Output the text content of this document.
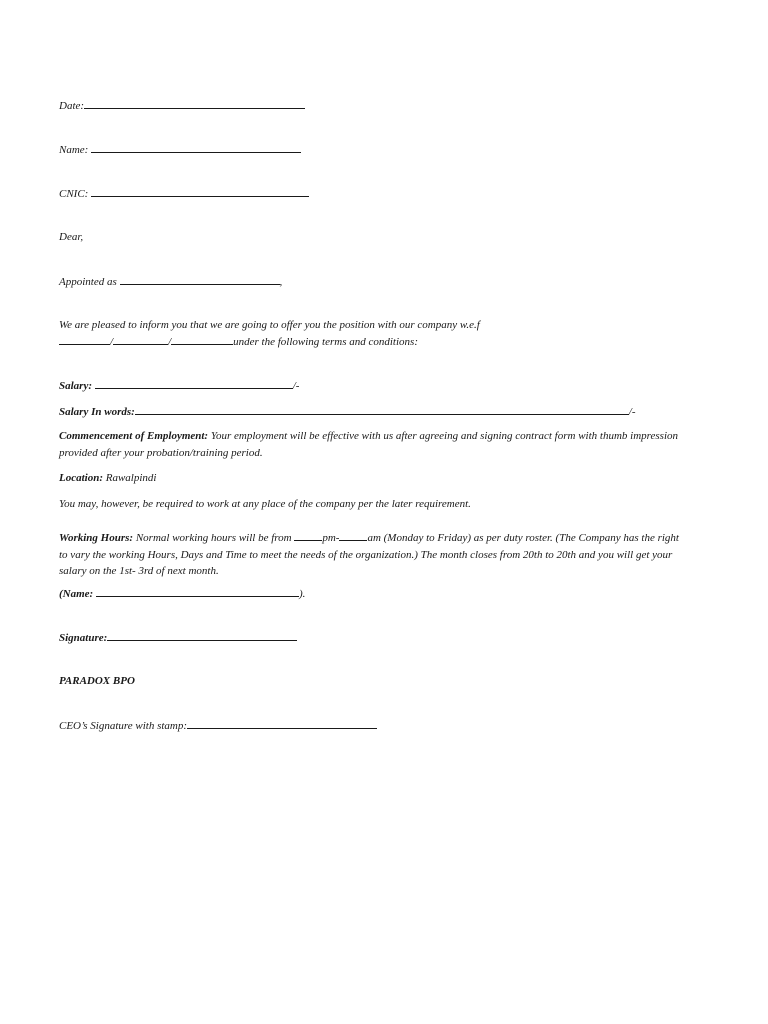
Date:
Name:
CNIC:
Dear,
Appointed as	,
We are pleased to inform you that we are going to offer you the position with our company w.e.f
/	/	under the following terms and conditions:
Salary:	/-
Salary In words:	/-
Commencement of Employment: Your employment will be effective with us after agreeing and signing contract form with thumb impression provided after your probation/training period.
Location: Rawalpindi
You may, however, be required to work at any place of the company per the later requirement.
Working Hours: Normal working hours will be from	pm-	am (Monday to Friday) as per duty roster. (The Company has the right to vary the working Hours, Days and Time to meet the needs of the organization.) The month closes from 20th to 20th and you will get your salary on the 1st- 3rd of next month.
(Name:	).
Signature:
PARADOX BPO
CEO’s Signature with stamp:
